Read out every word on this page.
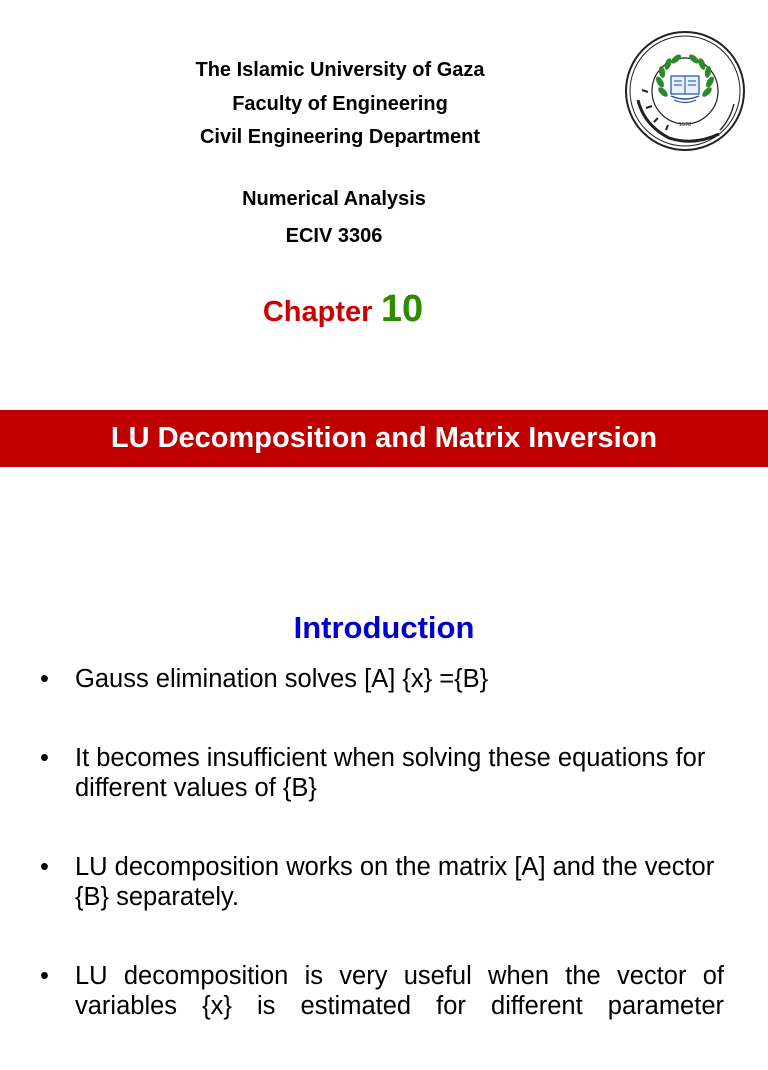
The Islamic University of Gaza
Faculty of Engineering
Civil Engineering Department
Numerical Analysis
ECIV 3306
Chapter 10
1978
LU Decomposition and Matrix Inversion
Introduction
• Gauss elimination solves [A] {x} ={B}
• It becomes insufficient when solving these equations for different values of {B}
• LU decomposition works on the matrix [A] and the vector {B} separately.
• LU decomposition is very useful when the vector of variables {x} is estimated for different parameter
